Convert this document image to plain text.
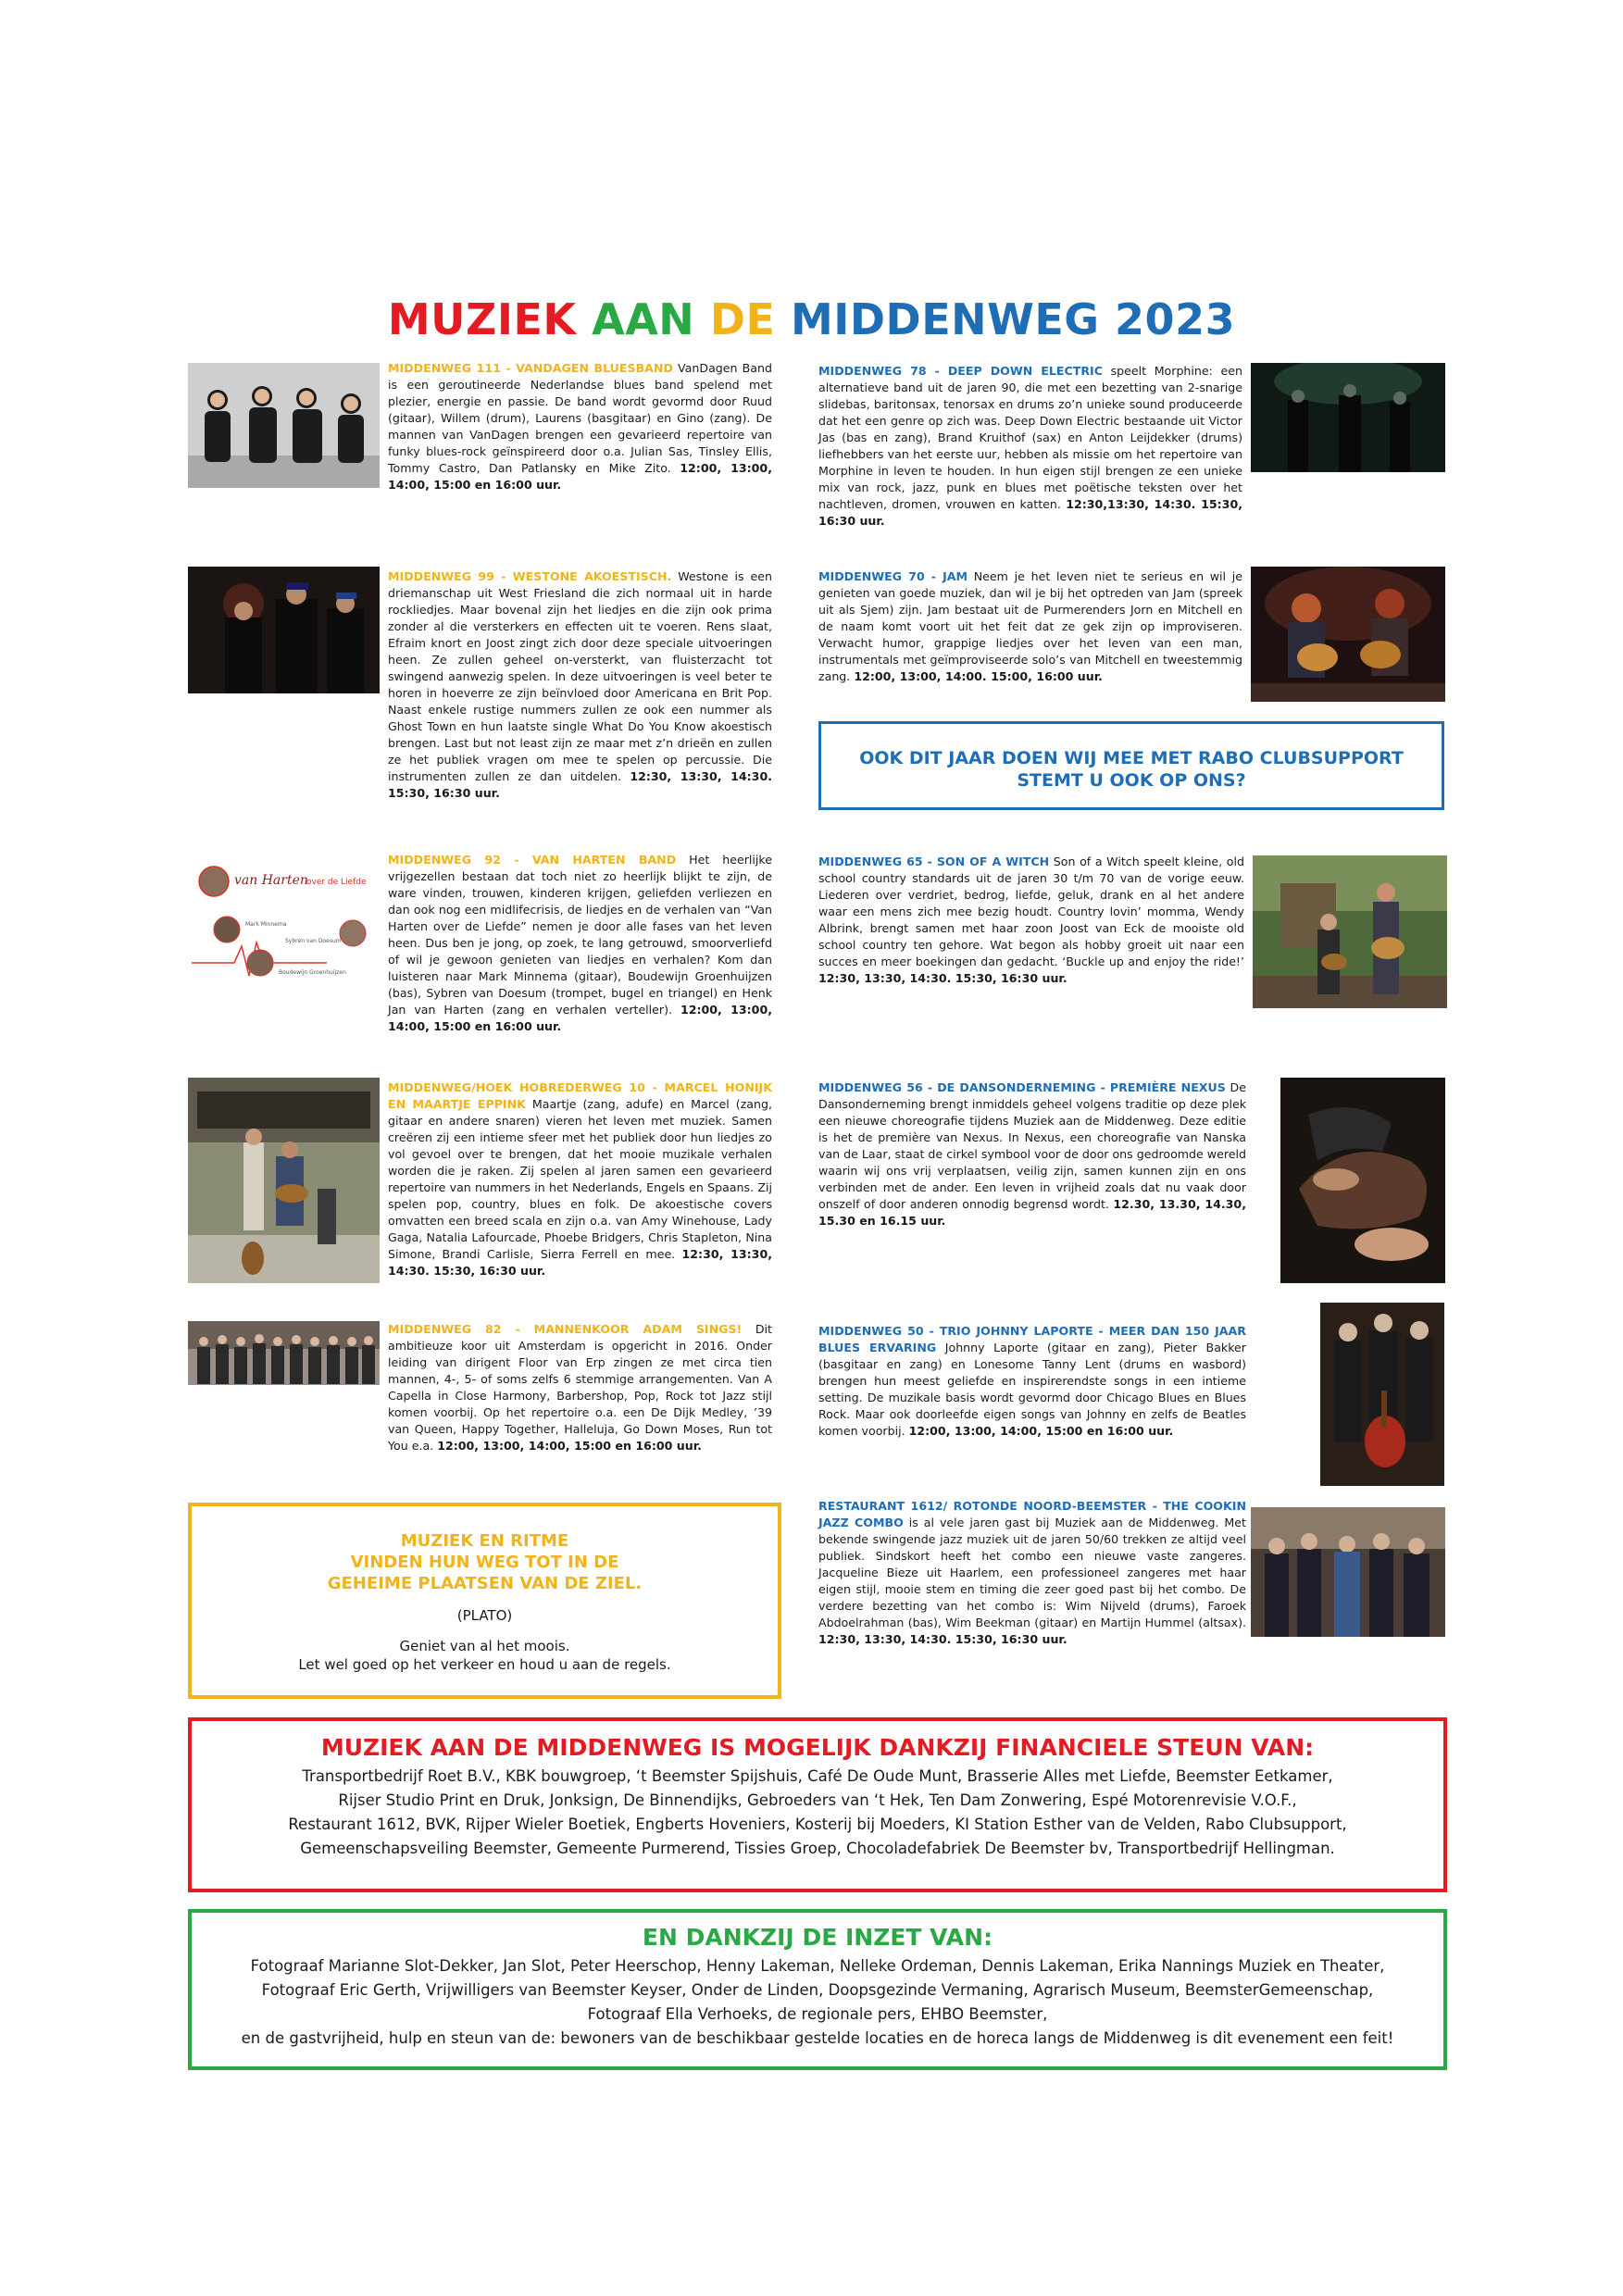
MUZIEK AAN DE MIDDENWEG 2023
van Harten
over de Liefde
Mark Minnema
Sybren van Doesum
Boudewijn Groenhuijzen
MIDDENWEG 111 - VANDAGEN BLUESBAND VanDagen Band is een geroutineerde Nederlandse blues band spelend met plezier, energie en passie. De band wordt gevormd door Ruud (gitaar), Willem (drum), Laurens (basgitaar) en Gino (zang). De mannen van VanDagen brengen een gevarieerd repertoire van funky blues-rock geïnspireerd door o.a. Julian Sas, Tinsley Ellis, Tommy Castro, Dan Patlansky en Mike Zito. 12:00, 13:00, 14:00, 15:00 en 16:00 uur.
MIDDENWEG 99 - WESTONE AKOESTISCH. Westone is een driemanschap uit West Friesland die zich normaal uit in harde rockliedjes. Maar bovenal zijn het liedjes en die zijn ook prima zonder al die versterkers en effecten uit te voeren. Rens slaat, Efraim knort en Joost zingt zich door deze speciale uitvoeringen heen. Ze zullen geheel on-versterkt, van fluisterzacht tot swingend aanwezig spelen. In deze uitvoeringen is veel beter te horen in hoeverre ze zijn beïnvloed door Americana en Brit Pop. Naast enkele rustige nummers zullen ze ook een nummer als Ghost Town en hun laatste single What Do You Know akoestisch brengen. Last but not least zijn ze maar met z’n drieën en zullen ze het publiek vragen om mee te spelen op percussie. Die instrumenten zullen ze dan uitdelen. 12:30, 13:30, 14:30. 15:30, 16:30 uur.
MIDDENWEG 92 - VAN HARTEN BAND Het heerlijke vrijgezellen bestaan dat toch niet zo heerlijk blijkt te zijn, de ware vinden, trouwen, kinderen krijgen, geliefden verliezen en dan ook nog een midlifecrisis, de liedjes en de verhalen van “Van Harten over de Liefde” nemen je door alle fases van het leven heen. Dus ben je jong, op zoek, te lang getrouwd, smoorverliefd of wil je gewoon genieten van liedjes en verhalen? Kom dan luisteren naar Mark Minnema (gitaar), Boudewijn Groenhuijzen (bas), Sybren van Doesum (trompet, bugel en triangel) en Henk Jan van Harten (zang en verhalen verteller). 12:00, 13:00, 14:00, 15:00 en 16:00 uur.
MIDDENWEG/HOEK HOBREDERWEG 10 - MARCEL HONIJK EN MAARTJE EPPINK Maartje (zang, adufe) en Marcel (zang, gitaar en andere snaren) vieren het leven met muziek. Samen creëren zij een intieme sfeer met het publiek door hun liedjes zo vol gevoel over te brengen, dat het mooie muzikale verhalen worden die je raken. Zij spelen al jaren samen een gevarieerd repertoire van nummers in het Nederlands, Engels en Spaans. Zij spelen pop, country, blues en folk. De akoestische covers omvatten een breed scala en zijn o.a. van Amy Winehouse, Lady Gaga, Natalia Lafourcade, Phoebe Bridgers, Chris Stapleton, Nina Simone, Brandi Carlisle, Sierra Ferrell en mee. 12:30, 13:30, 14:30. 15:30, 16:30 uur.
MIDDENWEG 82 - MANNENKOOR ADAM SINGS! Dit ambitieuze koor uit Amsterdam is opgericht in 2016. Onder leiding van dirigent Floor van Erp zingen ze met circa tien mannen, 4-, 5- of soms zelfs 6 stemmige arrangementen. Van A Capella in Close Harmony, Barbershop, Pop, Rock tot Jazz stijl komen voorbij. Op het repertoire o.a. een De Dijk Medley, ’39 van Queen, Happy Together, Halleluja, Go Down Moses, Run tot You e.a. 12:00, 13:00, 14:00, 15:00 en 16:00 uur.
MIDDENWEG 78 - DEEP DOWN ELECTRIC speelt Morphine: een alternatieve band uit de jaren 90, die met een bezetting van 2-snarige slidebas, baritonsax, tenorsax en drums zo’n unieke sound produceerde dat het een genre op zich was. Deep Down Electric bestaande uit Victor Jas (bas en zang), Brand Kruithof (sax) en Anton Leijdekker (drums) liefhebbers van het eerste uur, hebben als missie om het repertoire van Morphine in leven te houden. In hun eigen stijl brengen ze een unieke mix van rock, jazz, punk en blues met poëtische teksten over het nachtleven, dromen, vrouwen en katten. 12:30,13:30, 14:30. 15:30, 16:30 uur.
MIDDENWEG 70 - JAM Neem je het leven niet te serieus en wil je genieten van goede muziek, dan wil je bij het optreden van Jam (spreek uit als Sjem) zijn. Jam bestaat uit de Purmerenders Jorn en Mitchell en de naam komt voort uit het feit dat ze gek zijn op improviseren. Verwacht humor, grappige liedjes over het leven van een man, instrumentals met geïmproviseerde solo’s van Mitchell en tweestemmig zang. 12:00, 13:00, 14:00. 15:00, 16:00 uur.
MIDDENWEG 65 - SON OF A WITCH Son of a Witch speelt kleine, old school country standards uit de jaren 30 t/m 70 van de vorige eeuw. Liederen over verdriet, bedrog, liefde, geluk, drank en al het andere waar een mens zich mee bezig houdt. Country lovin’ momma, Wendy Albrink, brengt samen met haar zoon Joost van Eck de mooiste old school country ten gehore. Wat begon als hobby groeit uit naar een succes en meer boekingen dan gedacht. ‘Buckle up and enjoy the ride!’ 12:30, 13:30, 14:30. 15:30, 16:30 uur.
MIDDENWEG 56 - DE DANSONDERNEMING - PREMIÈRE NEXUS De Dansonderneming brengt inmiddels geheel volgens traditie op deze plek een nieuwe choreografie tijdens Muziek aan de Middenweg. Deze editie is het de première van Nexus. In Nexus, een choreografie van Nanska van de Laar, staat de cirkel symbool voor de door ons gedroomde wereld waarin wij ons vrij verplaatsen, veilig zijn, samen kunnen zijn en ons verbinden met de ander. Een leven in vrijheid zoals dat nu vaak door onszelf of door anderen onnodig begrensd wordt. 12.30, 13.30, 14.30, 15.30 en 16.15 uur.
MIDDENWEG 50 - TRIO JOHNNY LAPORTE - MEER DAN 150 JAAR BLUES ERVARING Johnny Laporte (gitaar en zang), Pieter Bakker (basgitaar en zang) en Lonesome Tanny Lent (drums en wasbord) brengen hun meest geliefde en inspirerendste songs in een intieme setting. De muzikale basis wordt gevormd door Chicago Blues en Blues Rock. Maar ook doorleefde eigen songs van Johnny en zelfs de Beatles komen voorbij. 12:00, 13:00, 14:00, 15:00 en 16:00 uur.
RESTAURANT 1612/ ROTONDE NOORD-BEEMSTER - THE COOKIN JAZZ COMBO is al vele jaren gast bij Muziek aan de Middenweg. Met bekende swingende jazz muziek uit de jaren 50/60 trekken ze altijd veel publiek. Sindskort heeft het combo een nieuwe vaste zangeres. Jacqueline Bieze uit Haarlem, een professioneel zangeres met haar eigen stijl, mooie stem en timing die zeer goed past bij het combo. De verdere bezetting van het combo is: Wim Nijveld (drums), Faroek Abdoelrahman (bas), Wim Beekman (gitaar) en Martijn Hummel (altsax). 12:30, 13:30, 14:30. 15:30, 16:30 uur.
OOK DIT JAAR DOEN WIJ MEE MET RABO CLUBSUPPORT
STEMT U OOK OP ONS?
MUZIEK EN RITME
VINDEN HUN WEG TOT IN DE
GEHEIME PLAATSEN VAN DE ZIEL.
(PLATO)
Geniet van al het moois.
Let wel goed op het verkeer en houd u aan de regels.
MUZIEK AAN DE MIDDENWEG IS MOGELIJK DANKZIJ FINANCIELE STEUN VAN:
Transportbedrijf Roet B.V., KBK bouwgroep, ‘t Beemster Spijshuis, Café De Oude Munt, Brasserie Alles met Liefde, Beemster Eetkamer,
Rijser Studio Print en Druk, Jonksign, De Binnendijks, Gebroeders van ‘t Hek, Ten Dam Zonwering, Espé Motorenrevisie V.O.F.,
Restaurant 1612, BVK, Rijper Wieler Boetiek, Engberts Hoveniers, Kosterij bij Moeders, KI Station Esther van de Velden, Rabo Clubsupport,
Gemeenschapsveiling Beemster, Gemeente Purmerend, Tissies Groep, Chocoladefabriek De Beemster bv, Transportbedrijf Hellingman.
EN DANKZIJ DE INZET VAN:
Fotograaf Marianne Slot-Dekker, Jan Slot, Peter Heerschop, Henny Lakeman, Nelleke Ordeman, Dennis Lakeman, Erika Nannings Muziek en Theater,
Fotograaf Eric Gerth, Vrijwilligers van Beemster Keyser, Onder de Linden, Doopsgezinde Vermaning, Agrarisch Museum, BeemsterGemeenschap,
Fotograaf Ella Verhoeks, de regionale pers, EHBO Beemster,
en de gastvrijheid, hulp en steun van de: bewoners van de beschikbaar gestelde locaties en de horeca langs de Middenweg is dit evenement een feit!
